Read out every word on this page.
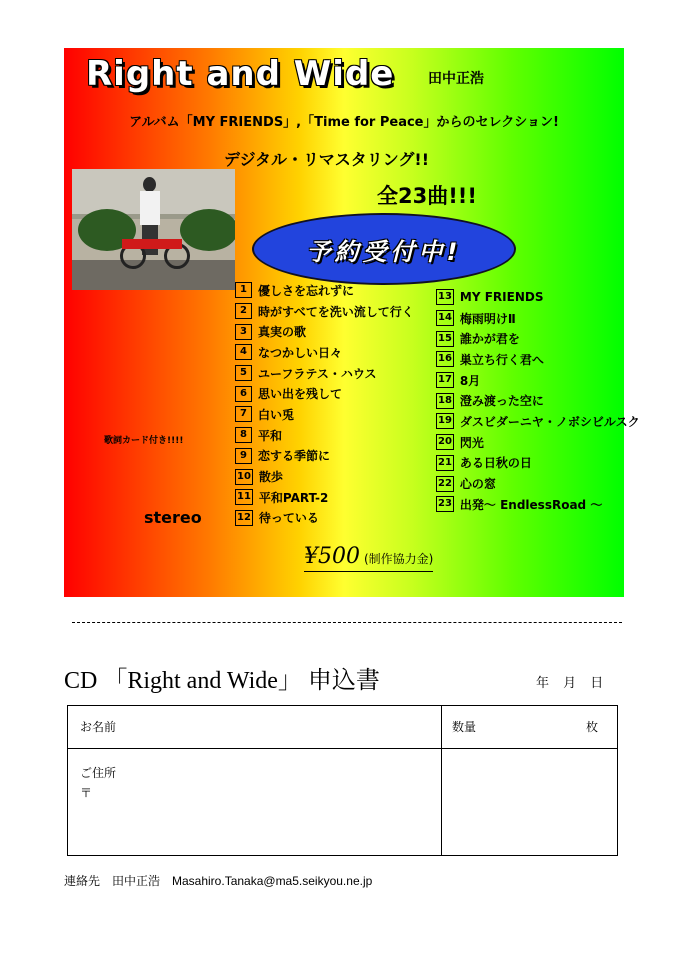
Right and Wide 田中正浩
アルバム「MY FRIENDS」,「Time for Peace」からのセレクション!
デジタル・リマスタリング!!
全23曲!!!
予約受付中!
1 優しさを忘れずに
2 時がすべてを洗い流して行く
3 真実の歌
4 なつかしい日々
5 ユーフラテス・ハウス
6 思い出を残して
7 白い兎
8 平和
9 恋する季節に
10 散歩
11 平和PART-2
12 待っている
13 MY FRIENDS
14 梅雨明けⅡ
15 誰かが君を
16 巣立ち行く君へ
17 8月
18 澄み渡った空に
19 ダスビダーニヤ・ノボシビルスク
20 閃光
21 ある日秋の日
22 心の窓
23 出発〜 EndlessRoad 〜
歌詞カード付き!!!!
stereo
¥500 (制作協力金)
CD 「Right and Wide」 申込書	年 月 日
お名前	数量	枚
ご住所
〒
連絡先　田中正浩　Masahiro.Tanaka@ma5.seikyou.ne.jp
